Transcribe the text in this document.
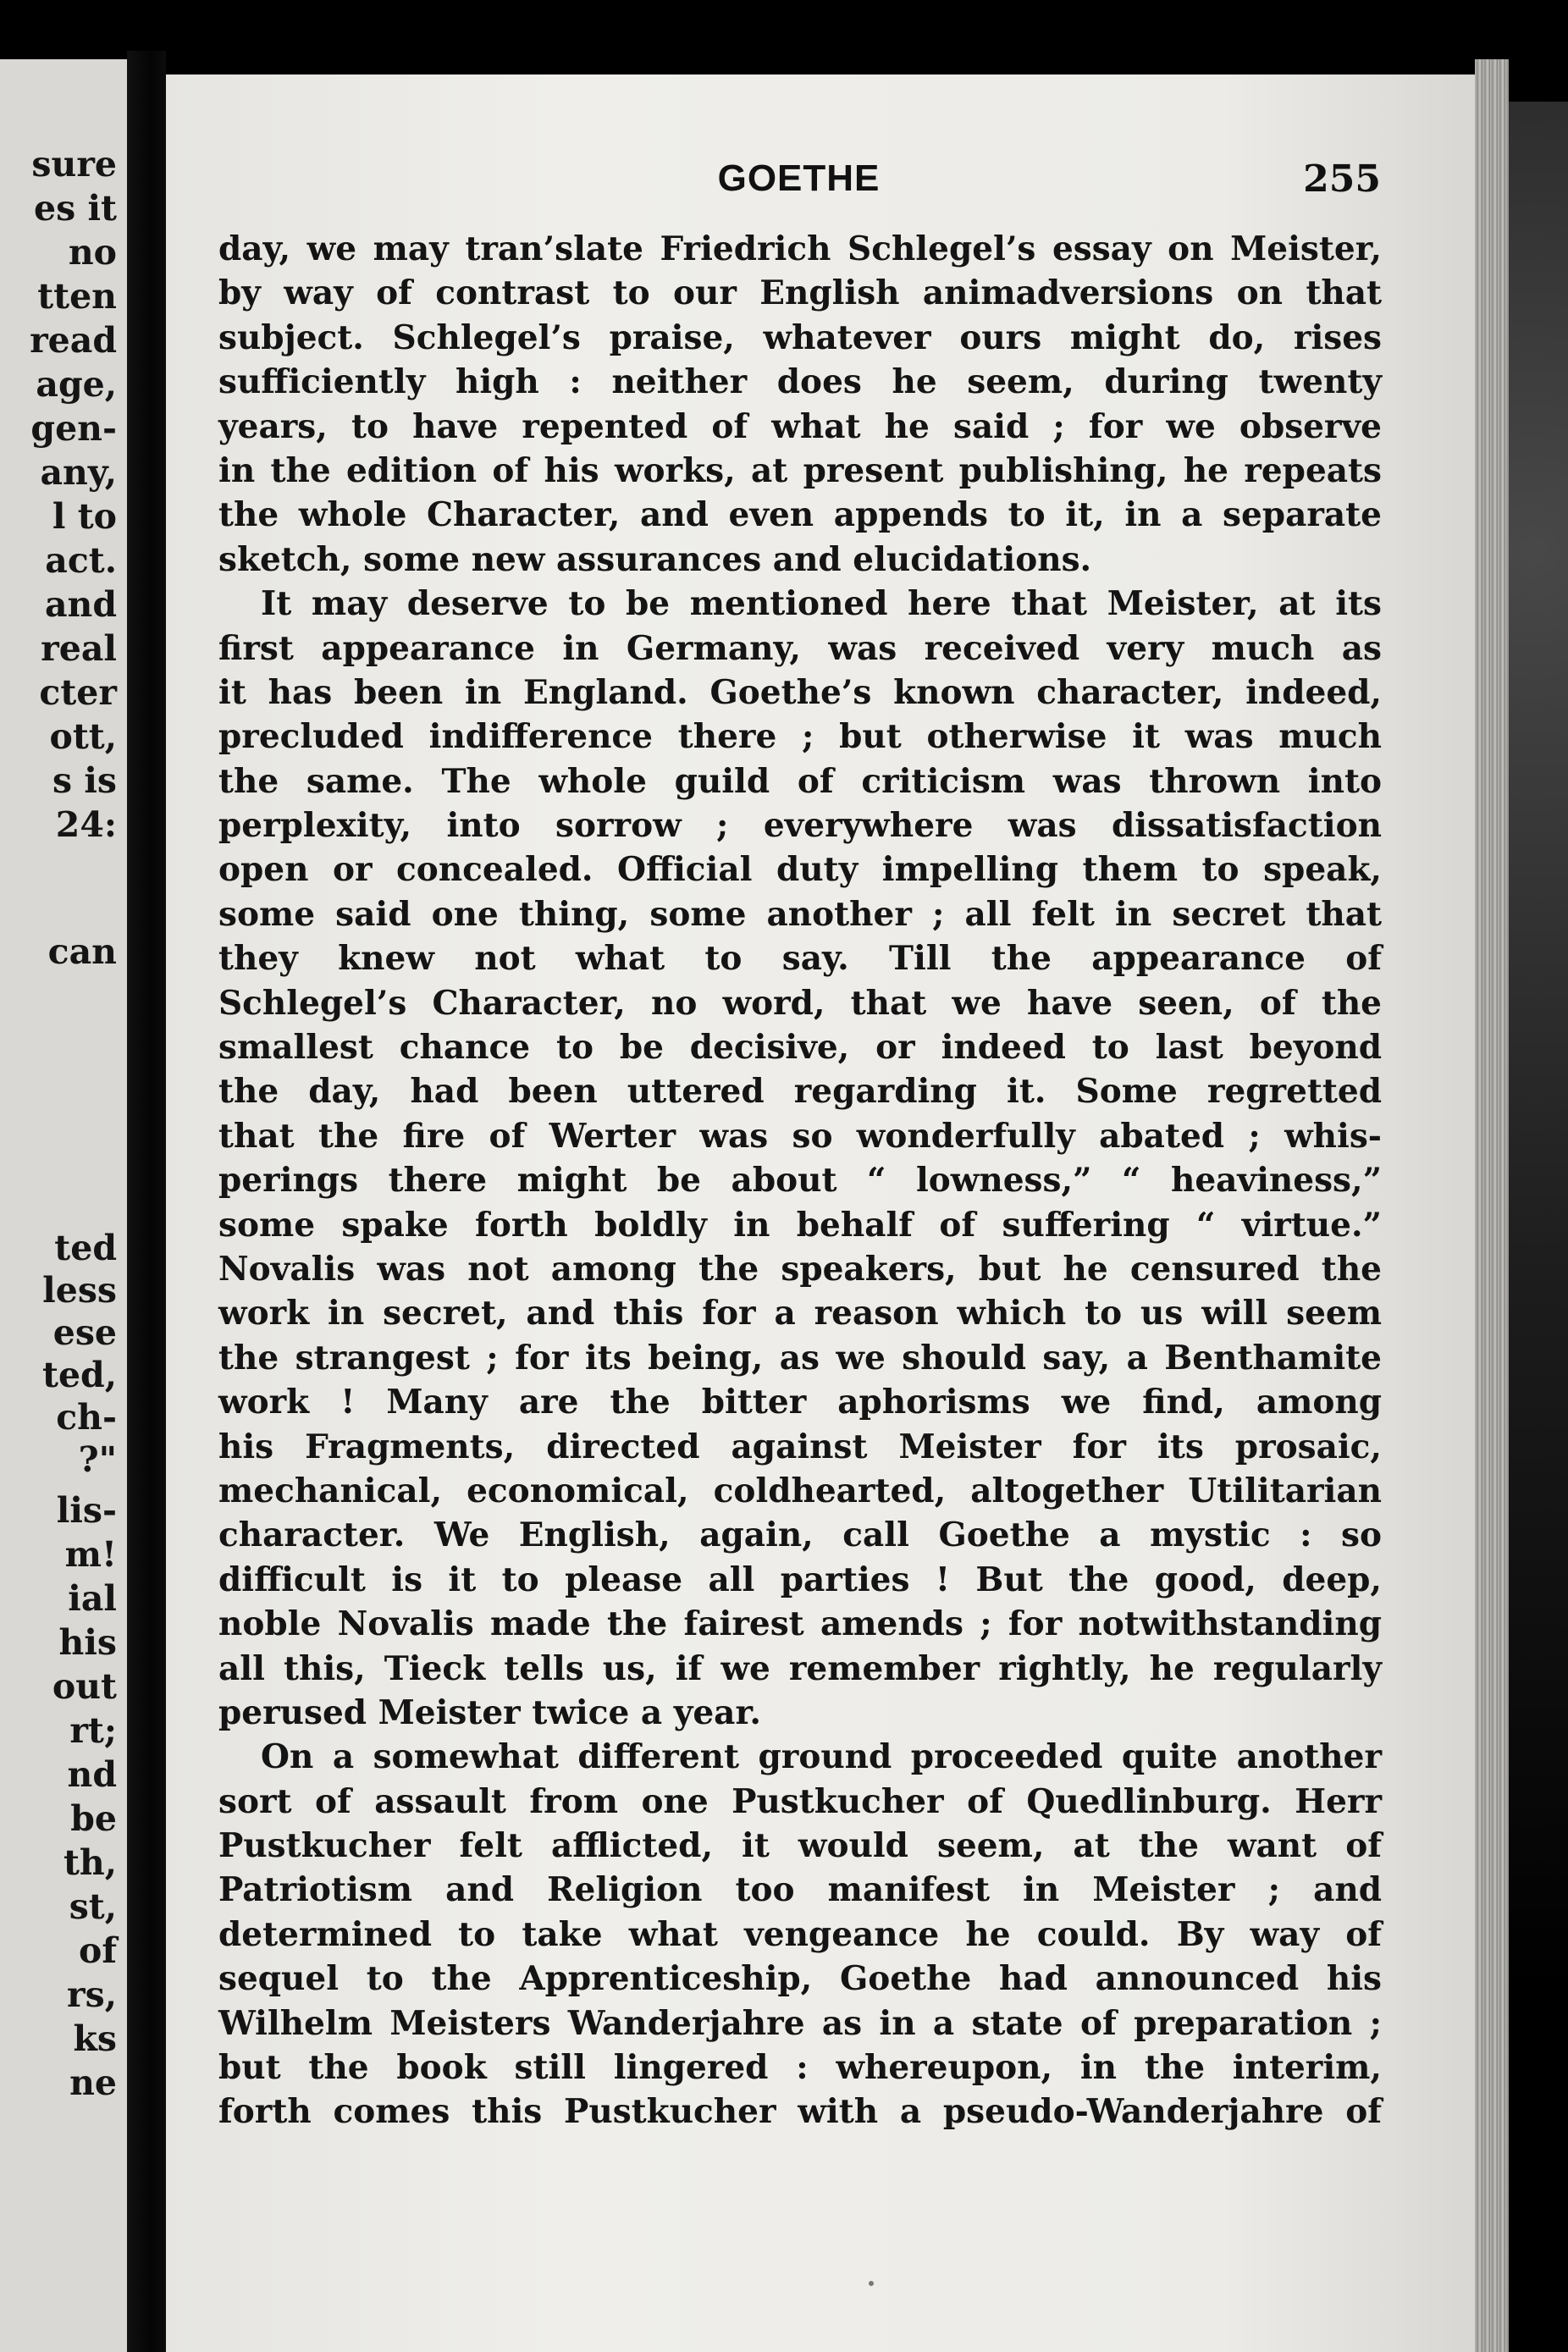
sure
es it
no
tten
read
age,
gen-
any,
l to
act.
and
real
cter
ott,
s is
24:
can
ted
less
ese
ted,
ch-
?"
lis-
m!
ial
his
out
rt;
nd
be
th,
st,
of
rs,
ks
ne
GOETHE	255
day, we may tran’slate Friedrich Schlegel’s essay on Meister,
by way of contrast to our English animadversions on that
subject. Schlegel’s praise, whatever ours might do, rises
sufficiently high : neither does he seem, during twenty
years, to have repented of what he said ; for we observe
in the edition of his works, at present publishing, he repeats
the whole Character, and even appends to it, in a separate
sketch, some new assurances and elucidations.
It may deserve to be mentioned here that Meister, at its
first appearance in Germany, was received very much as
it has been in England. Goethe’s known character, indeed,
precluded indifference there ; but otherwise it was much
the same. The whole guild of criticism was thrown into
perplexity, into sorrow ; everywhere was dissatisfaction
open or concealed. Official duty impelling them to speak,
some said one thing, some another ; all felt in secret that
they knew not what to say. Till the appearance of
Schlegel’s Character, no word, that we have seen, of the
smallest chance to be decisive, or indeed to last beyond
the day, had been uttered regarding it. Some regretted
that the fire of Werter was so wonderfully abated ; whis-
perings there might be about “ lowness,” “ heaviness,”
some spake forth boldly in behalf of suffering “ virtue.”
Novalis was not among the speakers, but he censured the
work in secret, and this for a reason which to us will seem
the strangest ; for its being, as we should say, a Benthamite
work ! Many are the bitter aphorisms we find, among
his Fragments, directed against Meister for its prosaic,
mechanical, economical, coldhearted, altogether Utilitarian
character. We English, again, call Goethe a mystic : so
difficult is it to please all parties ! But the good, deep,
noble Novalis made the fairest amends ; for notwithstanding
all this, Tieck tells us, if we remember rightly, he regularly
perused Meister twice a year.
On a somewhat different ground proceeded quite another
sort of assault from one Pustkucher of Quedlinburg. Herr
Pustkucher felt afflicted, it would seem, at the want of
Patriotism and Religion too manifest in Meister ; and
determined to take what vengeance he could. By way of
sequel to the Apprenticeship, Goethe had announced his
Wilhelm Meisters Wanderjahre as in a state of preparation ;
but the book still lingered : whereupon, in the interim,
forth comes this Pustkucher with a pseudo-Wanderjahre of
